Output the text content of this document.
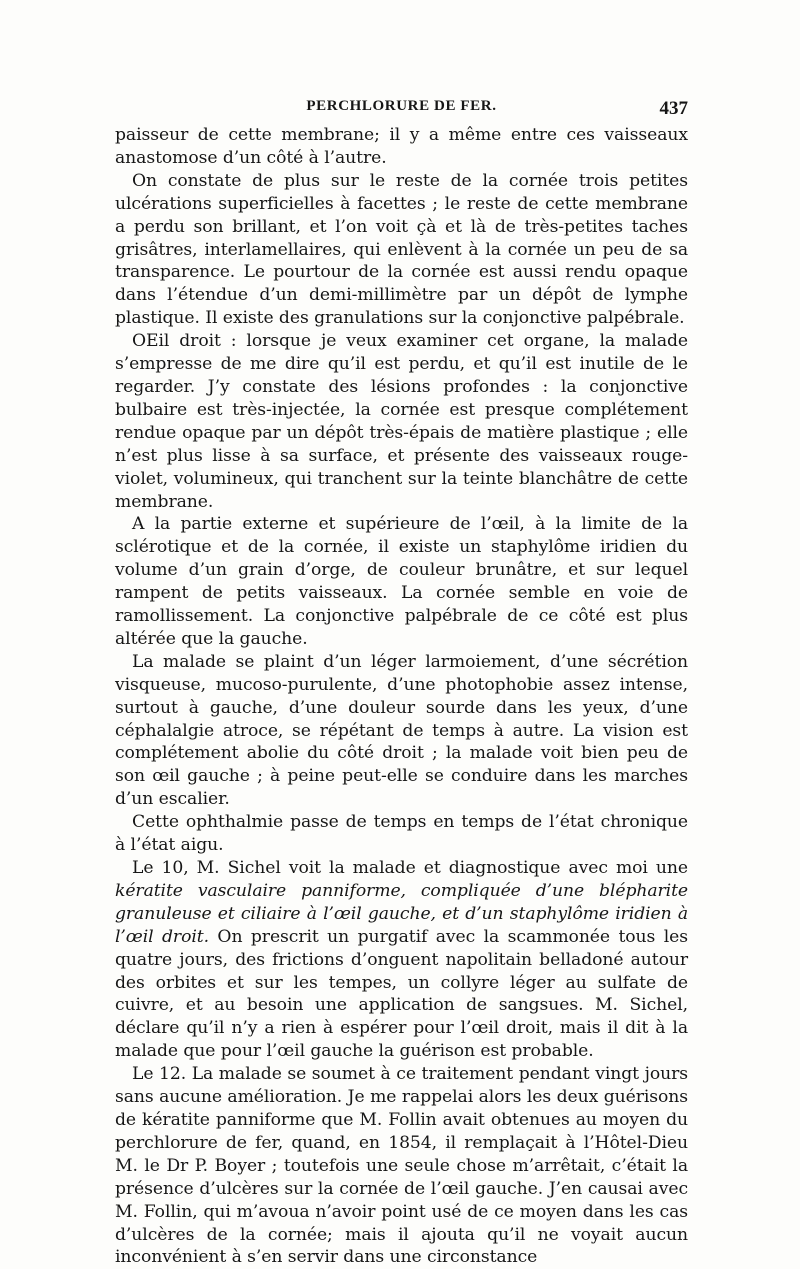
PERCHLORURE DE FER.	437

paisseur de cette membrane; il y a même entre ces vaisseaux anastomose d’un côté à l’autre.

On constate de plus sur le reste de la cornée trois petites ulcérations superficielles à facettes ; le reste de cette membrane a perdu son brillant, et l’on voit çà et là de très-petites taches grisâtres, interlamellaires, qui enlèvent à la cornée un peu de sa transparence. Le pourtour de la cornée est aussi rendu opaque dans l’étendue d’un demi-millimètre par un dépôt de lymphe plastique. Il existe des granulations sur la conjonctive palpébrale.

OEil droit : lorsque je veux examiner cet organe, la malade s’empresse de me dire qu’il est perdu, et qu’il est inutile de le regarder. J’y constate des lésions profondes : la conjonctive bulbaire est très-injectée, la cornée est presque complétement rendue opaque par un dépôt très-épais de matière plastique ; elle n’est plus lisse à sa surface, et présente des vaisseaux rouge-violet, volumineux, qui tranchent sur la teinte blanchâtre de cette membrane.

A la partie externe et supérieure de l’œil, à la limite de la sclérotique et de la cornée, il existe un staphylôme iridien du volume d’un grain d’orge, de couleur brunâtre, et sur lequel rampent de petits vaisseaux. La cornée semble en voie de ramollissement. La conjonctive palpébrale de ce côté est plus altérée que la gauche.

La malade se plaint d’un léger larmoiement, d’une sécrétion visqueuse, mucoso-purulente, d’une photophobie assez intense, surtout à gauche, d’une douleur sourde dans les yeux, d’une céphalalgie atroce, se répétant de temps à autre. La vision est complétement abolie du côté droit ; la malade voit bien peu de son œil gauche ; à peine peut-elle se conduire dans les marches d’un escalier.

Cette ophthalmie passe de temps en temps de l’état chronique à l’état aigu.

Le 10, M. Sichel voit la malade et diagnostique avec moi une kératite vasculaire panniforme, compliquée d’une blépharite granuleuse et ciliaire à l’œil gauche, et d’un staphylôme iridien à l’œil droit. On prescrit un purgatif avec la scammonée tous les quatre jours, des frictions d’onguent napolitain belladoné autour des orbites et sur les tempes, un collyre léger au sulfate de cuivre, et au besoin une application de sangsues. M. Sichel, déclare qu’il n’y a rien à espérer pour l’œil droit, mais il dit à la malade que pour l’œil gauche la guérison est probable.

Le 12. La malade se soumet à ce traitement pendant vingt jours sans aucune amélioration. Je me rappelai alors les deux guérisons de kératite panniforme que M. Follin avait obtenues au moyen du perchlorure de fer, quand, en 1854, il remplaçait à l’Hôtel-Dieu M. le Dr P. Boyer ; toutefois une seule chose m’arrêtait, c’était la présence d’ulcères sur la cornée de l’œil gauche. J’en causai avec M. Follin, qui m’avoua n’avoir point usé de ce moyen dans les cas d’ulcères de la cornée; mais il ajouta qu’il ne voyait aucun inconvénient à s’en servir dans une circonstance
